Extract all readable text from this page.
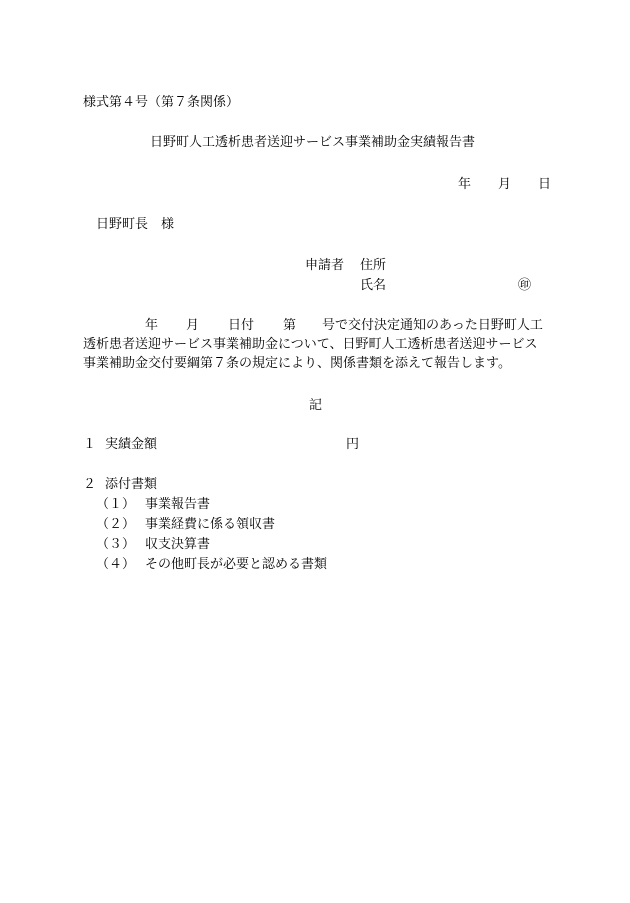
様式第４号（第７条関係）
日野町人工透析患者送迎サービス事業補助金実績報告書
年 月 日
日野町長　様
申請者 住所
氏名	㊞
年 月 日付 第 号で交付決定通知のあった日野町人工
透析患者送迎サービス事業補助金について、日野町人工透析患者送迎サービス
事業補助金交付要綱第７条の規定により、関係書類を添えて報告します。
記
１ 実績金額	円
２ 添付書類
（１） 事業報告書
（２） 事業経費に係る領収書
（３） 収支決算書
（４） その他町長が必要と認める書類
